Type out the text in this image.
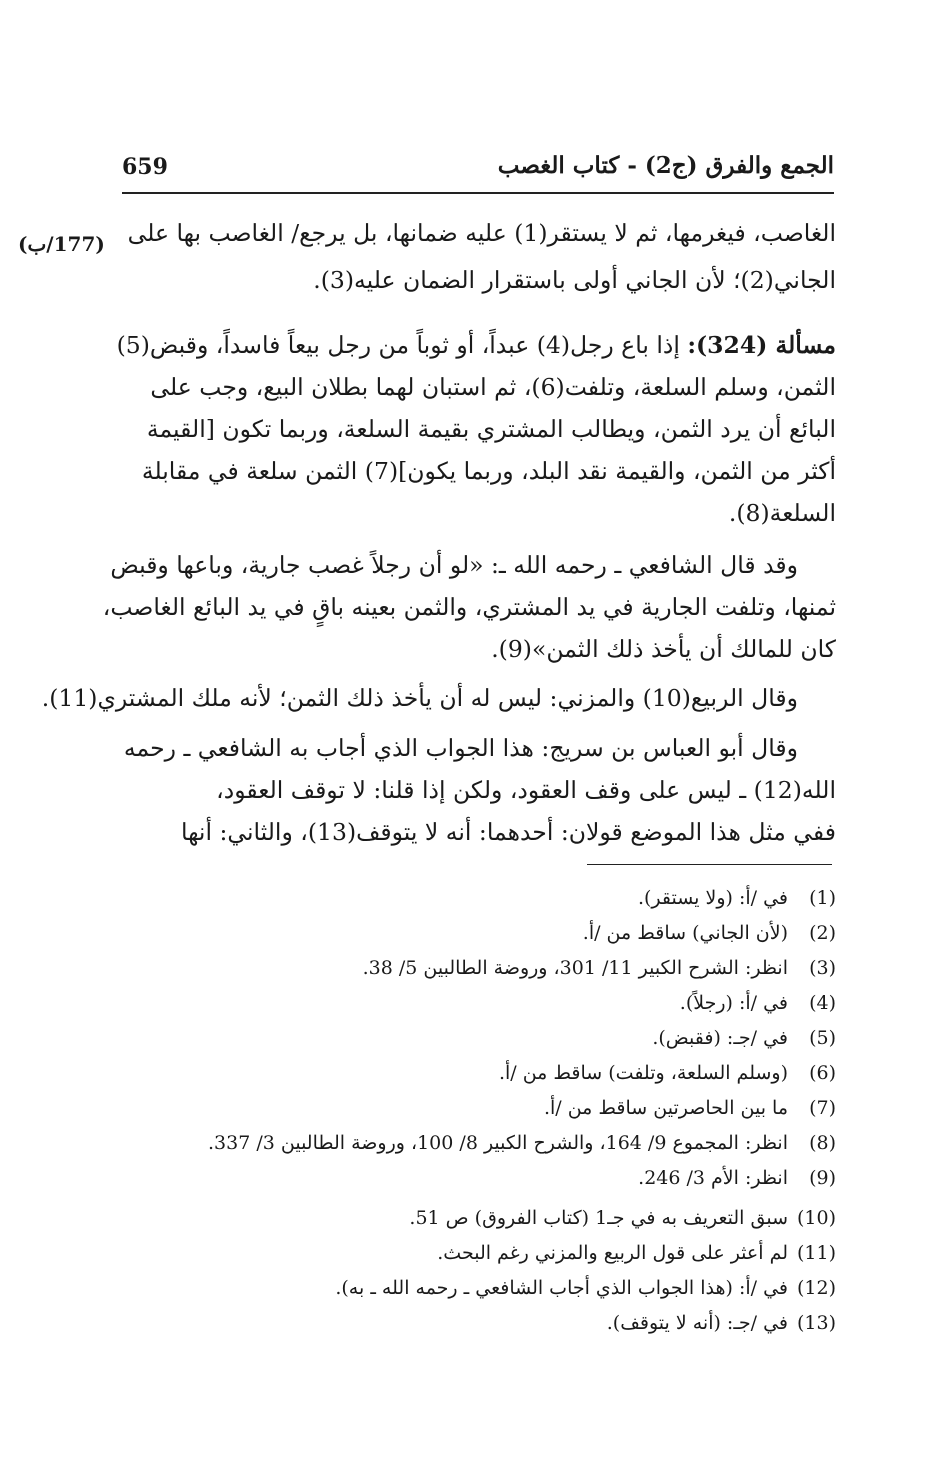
659	الجمع والفرق (ج2) - كتاب الغصب
(177/ب) الغاصب، فيغرمها، ثم لا يستقر(1) عليه ضمانها، بل يرجع/ الغاصب بها على
الجاني(2)؛ لأن الجاني أولى باستقرار الضمان عليه(3).
مسألة (324): إذا باع رجل(4) عبداً، أو ثوباً من رجل بيعاً فاسداً، وقبض(5)
الثمن، وسلم السلعة، وتلفت(6)، ثم استبان لهما بطلان البيع، وجب على
البائع أن يرد الثمن، ويطالب المشتري بقيمة السلعة، وربما تكون [القيمة
أكثر من الثمن، والقيمة نقد البلد، وربما يكون](7) الثمن سلعة في مقابلة
السلعة(8).
وقد قال الشافعي ـ رحمه الله ـ: «لو أن رجلاً غصب جارية، وباعها وقبض
ثمنها، وتلفت الجارية في يد المشتري، والثمن بعينه باقٍ في يد البائع الغاصب،
كان للمالك أن يأخذ ذلك الثمن»(9).
وقال الربيع(10) والمزني: ليس له أن يأخذ ذلك الثمن؛ لأنه ملك المشتري(11).
وقال أبو العباس بن سريج: هذا الجواب الذي أجاب به الشافعي ـ رحمه
الله(12) ـ ليس على وقف العقود، ولكن إذا قلنا: لا توقف العقود،
ففي مثل هذا الموضع قولان: أحدهما: أنه لا يتوقف(13)، والثاني: أنها
(1)في /أ: (ولا يستقر).
(2)(لأن الجاني) ساقط من /أ.
(3)انظر: الشرح الكبير 11/ 301، وروضة الطالبين 5/ 38.
(4)في /أ: (رجلاً).
(5)في /جـ: (فقبض).
(6)(وسلم السلعة، وتلفت) ساقط من /أ.
(7)ما بين الحاصرتين ساقط من /أ.
(8)انظر: المجموع 9/ 164، والشرح الكبير 8/ 100، وروضة الطالبين 3/ 337.
(9)انظر: الأم 3/ 246.
(10)سبق التعريف به في جـ1 (كتاب الفروق) ص 51.
(11)لم أعثر على قول الربيع والمزني رغم البحث.
(12)في /أ: (هذا الجواب الذي أجاب الشافعي ـ رحمه الله ـ به).
(13)في /جـ: (أنه لا يتوقف).
